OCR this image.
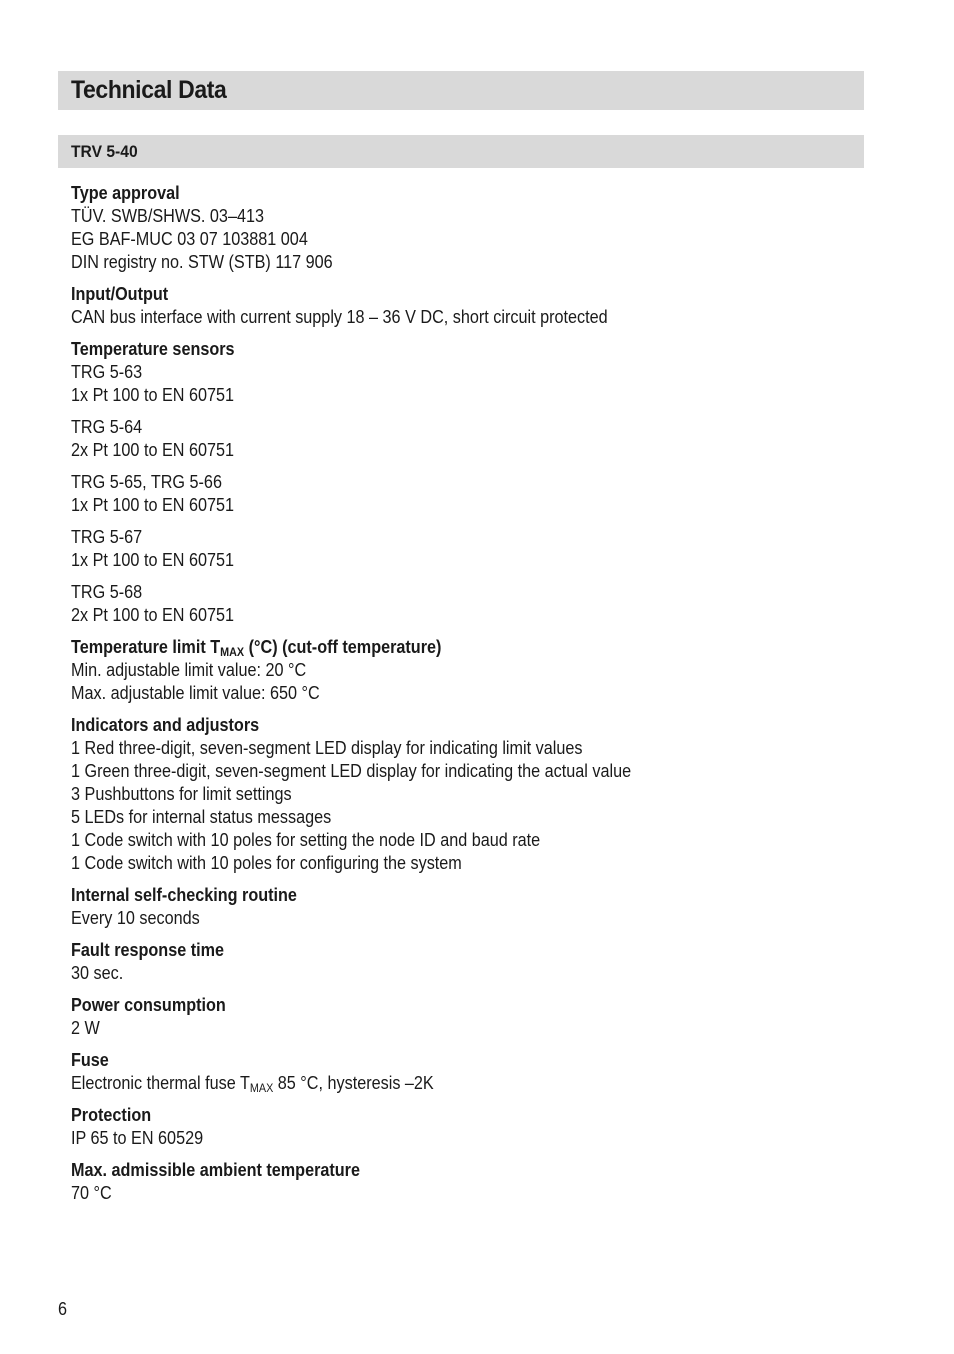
Technical Data
TRV 5-40
Type approval
TÜV. SWB/SHWS. 03–413
EG BAF-MUC 03 07 103881 004
DIN registry no. STW (STB) 117 906
Input/Output
CAN bus interface with current supply 18 – 36 V DC, short circuit protected
Temperature sensors
TRG 5-63
1x Pt 100 to EN 60751
TRG 5-64
2x Pt 100 to EN 60751
TRG 5-65, TRG 5-66
1x Pt 100 to EN 60751
TRG 5-67
1x Pt 100 to EN 60751
TRG 5-68
2x Pt 100 to EN 60751
Temperature limit $T_{MAX}$ (°C) (cut-off temperature)
Min. adjustable limit value: 20 °C
Max. adjustable limit value: 650 °C
Indicators and adjustors
1 Red three-digit, seven-segment LED display for indicating limit values
1 Green three-digit, seven-segment LED display for indicating the actual value
3 Pushbuttons for limit settings
5 LEDs for internal status messages
1 Code switch with 10 poles for setting the node ID and baud rate
1 Code switch with 10 poles for configuring the system
Internal self-checking routine
Every 10 seconds
Fault response time
30 sec.
Power consumption
2 W
Fuse
Electronic thermal fuse $T_{MAX}$ 85 °C, hysteresis –2K
Protection
IP 65 to EN 60529
Max. admissible ambient temperature
70 °C
6
